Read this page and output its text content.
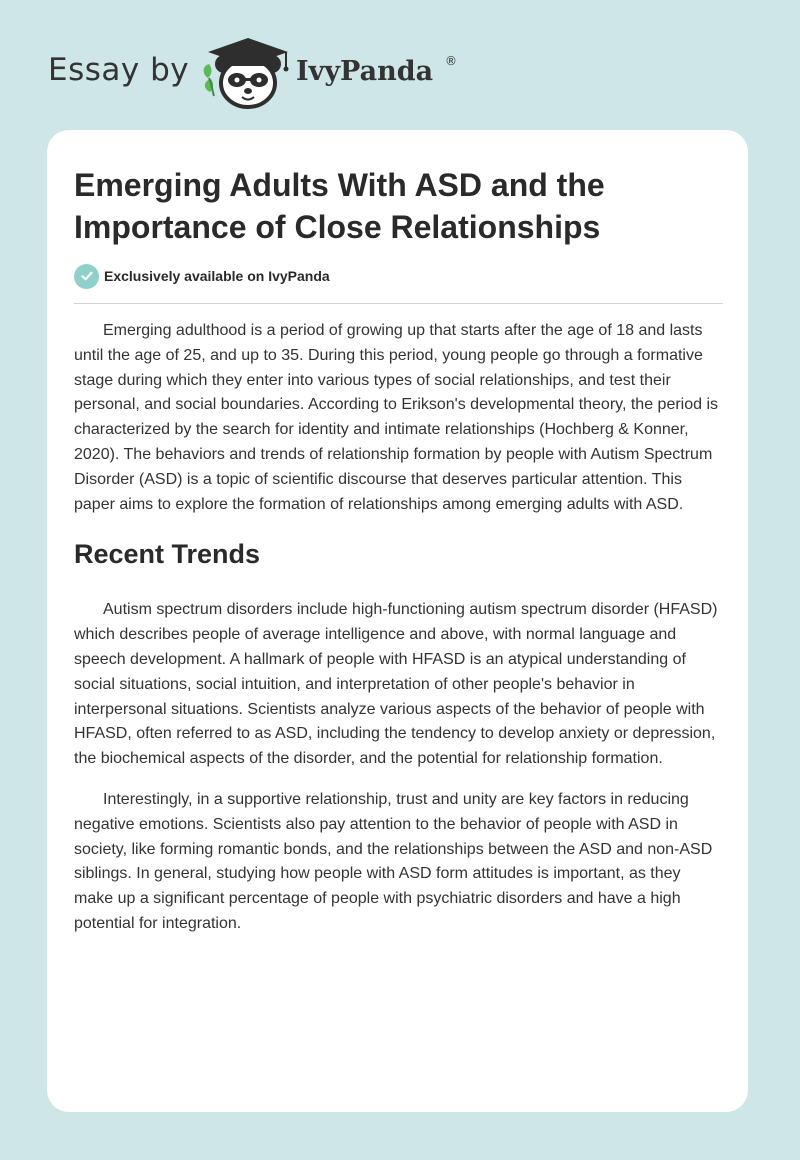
Essay by	IvyPanda ®
Emerging Adults With ASD and the Importance of Close Relationships
Exclusively available on IvyPanda

Emerging adulthood is a period of growing up that starts after the age of 18 and lasts until the age of 25, and up to 35. During this period, young people go through a formative stage during which they enter into various types of social relationships, and test their personal, and social boundaries. According to Erikson's developmental theory, the period is characterized by the search for identity and intimate relationships (Hochberg & Konner, 2020). The behaviors and trends of relationship formation by people with Autism Spectrum Disorder (ASD) is a topic of scientific discourse that deserves particular attention. This paper aims to explore the formation of relationships among emerging adults with ASD.

Recent Trends

Autism spectrum disorders include high-functioning autism spectrum disorder (HFASD) which describes people of average intelligence and above, with normal language and speech development. A hallmark of people with HFASD is an atypical understanding of social situations, social intuition, and interpretation of other people's behavior in interpersonal situations. Scientists analyze various aspects of the behavior of people with HFASD, often referred to as ASD, including the tendency to develop anxiety or depression, the biochemical aspects of the disorder, and the potential for relationship formation.

Interestingly, in a supportive relationship, trust and unity are key factors in reducing negative emotions. Scientists also pay attention to the behavior of people with ASD in society, like forming romantic bonds, and the relationships between the ASD and non-ASD siblings. In general, studying how people with ASD form attitudes is important, as they make up a significant percentage of people with psychiatric disorders and have a high potential for integration.
